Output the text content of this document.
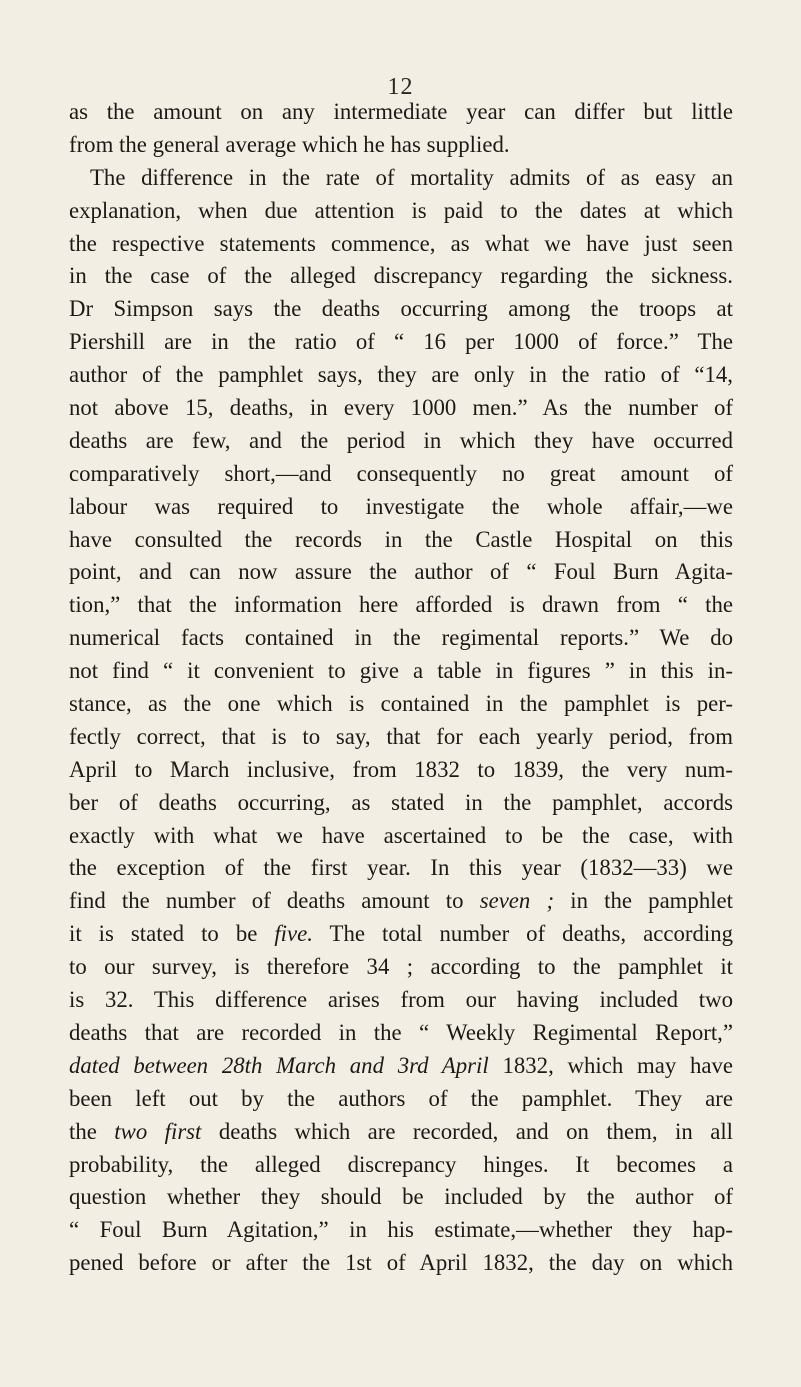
12
as the amount on any intermediate year can differ but little
from the general average which he has supplied.
The difference in the rate of mortality admits of as easy an
explanation, when due attention is paid to the dates at which
the respective statements commence, as what we have just seen
in the case of the alleged discrepancy regarding the sickness.
Dr Simpson says the deaths occurring among the troops at
Piershill are in the ratio of “ 16 per 1000 of force.” The
author of the pamphlet says, they are only in the ratio of “14,
not above 15, deaths, in every 1000 men.” As the number of
deaths are few, and the period in which they have occurred
comparatively short,—and consequently no great amount of
labour was required to investigate the whole affair,—we
have consulted the records in the Castle Hospital on this
point, and can now assure the author of “ Foul Burn Agita-
tion,” that the information here afforded is drawn from “ the
numerical facts contained in the regimental reports.” We do
not find “ it convenient to give a table in figures ” in this in-
stance, as the one which is contained in the pamphlet is per-
fectly correct, that is to say, that for each yearly period, from
April to March inclusive, from 1832 to 1839, the very num-
ber of deaths occurring, as stated in the pamphlet, accords
exactly with what we have ascertained to be the case, with
the exception of the first year. In this year (1832—33) we
find the number of deaths amount to seven ; in the pamphlet
it is stated to be five. The total number of deaths, according
to our survey, is therefore 34 ; according to the pamphlet it
is 32. This difference arises from our having included two
deaths that are recorded in the “ Weekly Regimental Report,”
dated between 28th March and 3rd April 1832, which may have
been left out by the authors of the pamphlet. They are
the two first deaths which are recorded, and on them, in all
probability, the alleged discrepancy hinges. It becomes a
question whether they should be included by the author of
“ Foul Burn Agitation,” in his estimate,—whether they hap-
pened before or after the 1st of April 1832, the day on which
